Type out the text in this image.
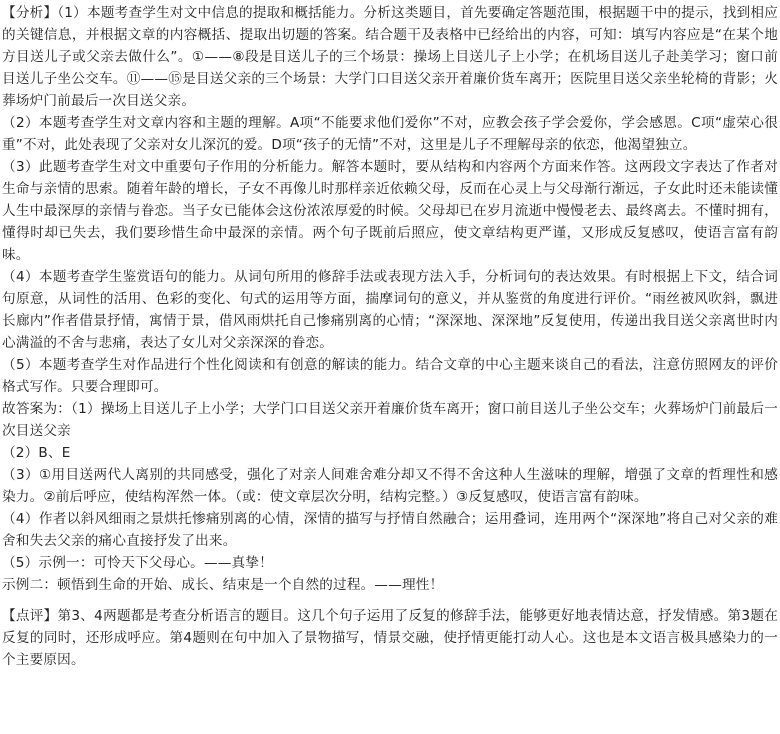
【分析】（1）本题考查学生对文中信息的提取和概括能力。分析这类题目，首先要确定答题范围，根据题干中的提示，找到相应的关键信息，并根据文章的内容概括、提取出切题的答案。结合题干及表格中已经给出的内容，可知：填写内容应是“在某个地方目送儿子或父亲去做什么”。①——⑧段是目送儿子的三个场景：操场上目送儿子上小学；在机场目送儿子赴美学习；窗口前目送儿子坐公交车。⑪——⑮是目送父亲的三个场景：大学门口目送父亲开着廉价货车离开；医院里目送父亲坐轮椅的背影；火葬场炉门前最后一次目送父亲。

（2）本题考查学生对文章内容和主题的理解。A项“不能要求他们爱你”不对，应教会孩子学会爱你，学会感恩。C项“虚荣心很重”不对，此处表现了父亲对女儿深沉的爱。D项“孩子的无情”不对，这里是儿子不理解母亲的依恋，他渴望独立。

（3）此题考查学生对文中重要句子作用的分析能力。解答本题时，要从结构和内容两个方面来作答。这两段文字表达了作者对生命与亲情的思索。随着年龄的增长，子女不再像儿时那样亲近依赖父母，反而在心灵上与父母渐行渐远，子女此时还未能读懂人生中最深厚的亲情与眷恋。当子女已能体会这份浓浓厚爱的时候。父母却已在岁月流逝中慢慢老去、最终离去。不懂时拥有，懂得时却已失去，我们要珍惜生命中最深的亲情。两个句子既前后照应，使文章结构更严谨，又形成反复感叹，使语言富有韵味。

（4）本题考查学生鉴赏语句的能力。从词句所用的修辞手法或表现方法入手，分析词句的表达效果。有时根据上下文，结合词句原意，从词性的活用、色彩的变化、句式的运用等方面，揣摩词句的意义，并从鉴赏的角度进行评价。“雨丝被风吹斜，飘进长廊内”作者借景抒情，寓情于景，借风雨烘托自己惨痛别离的心情；“深深地、深深地”反复使用，传递出我目送父亲离世时内心满溢的不舍与悲痛，表达了女儿对父亲深深的眷恋。

（5）本题考查学生对作品进行个性化阅读和有创意的解读的能力。结合文章的中心主题来谈自己的看法，注意仿照网友的评价格式写作。只要合理即可。

故答案为：（1）操场上目送儿子上小学；大学门口目送父亲开着廉价货车离开；窗口前目送儿子坐公交车；火葬场炉门前最后一次目送父亲

（2）B、E

（3）①用目送两代人离别的共同感受，强化了对亲人间难舍难分却又不得不舍这种人生滋味的理解，增强了文章的哲理性和感染力。②前后呼应，使结构浑然一体。（或：使文章层次分明，结构完整。）③反复感叹，使语言富有韵味。

（4）作者以斜风细雨之景烘托惨痛别离的心情，深情的描写与抒情自然融合；运用叠词，连用两个“深深地”将自己对父亲的难舍和失去父亲的痛心直接抒发了出来。

（5）示例一：可怜天下父母心。——真挚！

示例二：顿悟到生命的开始、成长、结束是一个自然的过程。——理性！

【点评】第3、4两题都是考查分析语言的题目。这几个句子运用了反复的修辞手法，能够更好地表情达意，抒发情感。第3题在反复的同时，还形成呼应。第4题则在句中加入了景物描写，情景交融，使抒情更能打动人心。这也是本文语言极具感染力的一个主要原因。
